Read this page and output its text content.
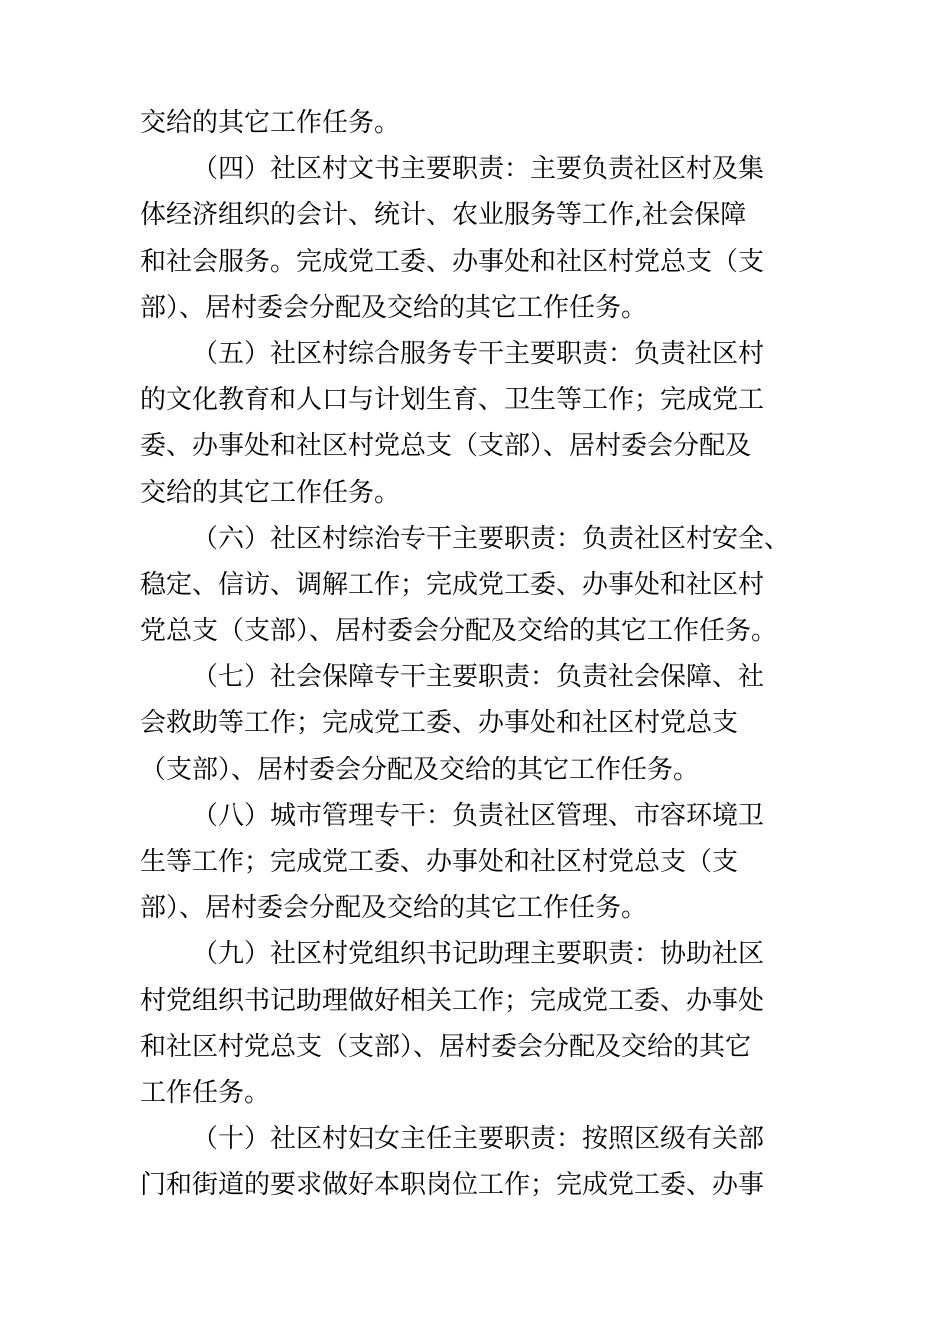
交给的其它工作任务。
（四）社区村文书主要职责：主要负责社区村及集
体经济组织的会计、统计、农业服务等工作,社会保障
和社会服务。完成党工委、办事处和社区村党总支（支
部）、居村委会分配及交给的其它工作任务。
（五）社区村综合服务专干主要职责：负责社区村
的文化教育和人口与计划生育、卫生等工作；完成党工
委、办事处和社区村党总支（支部）、居村委会分配及
交给的其它工作任务。
（六）社区村综治专干主要职责：负责社区村安全、
稳定、信访、调解工作；完成党工委、办事处和社区村
党总支（支部）、居村委会分配及交给的其它工作任务。
（七）社会保障专干主要职责：负责社会保障、社
会救助等工作；完成党工委、办事处和社区村党总支
（支部）、居村委会分配及交给的其它工作任务。
（八）城市管理专干：负责社区管理、市容环境卫
生等工作；完成党工委、办事处和社区村党总支（支
部）、居村委会分配及交给的其它工作任务。
（九）社区村党组织书记助理主要职责：协助社区
村党组织书记助理做好相关工作；完成党工委、办事处
和社区村党总支（支部）、居村委会分配及交给的其它
工作任务。
（十）社区村妇女主任主要职责：按照区级有关部
门和街道的要求做好本职岗位工作；完成党工委、办事
